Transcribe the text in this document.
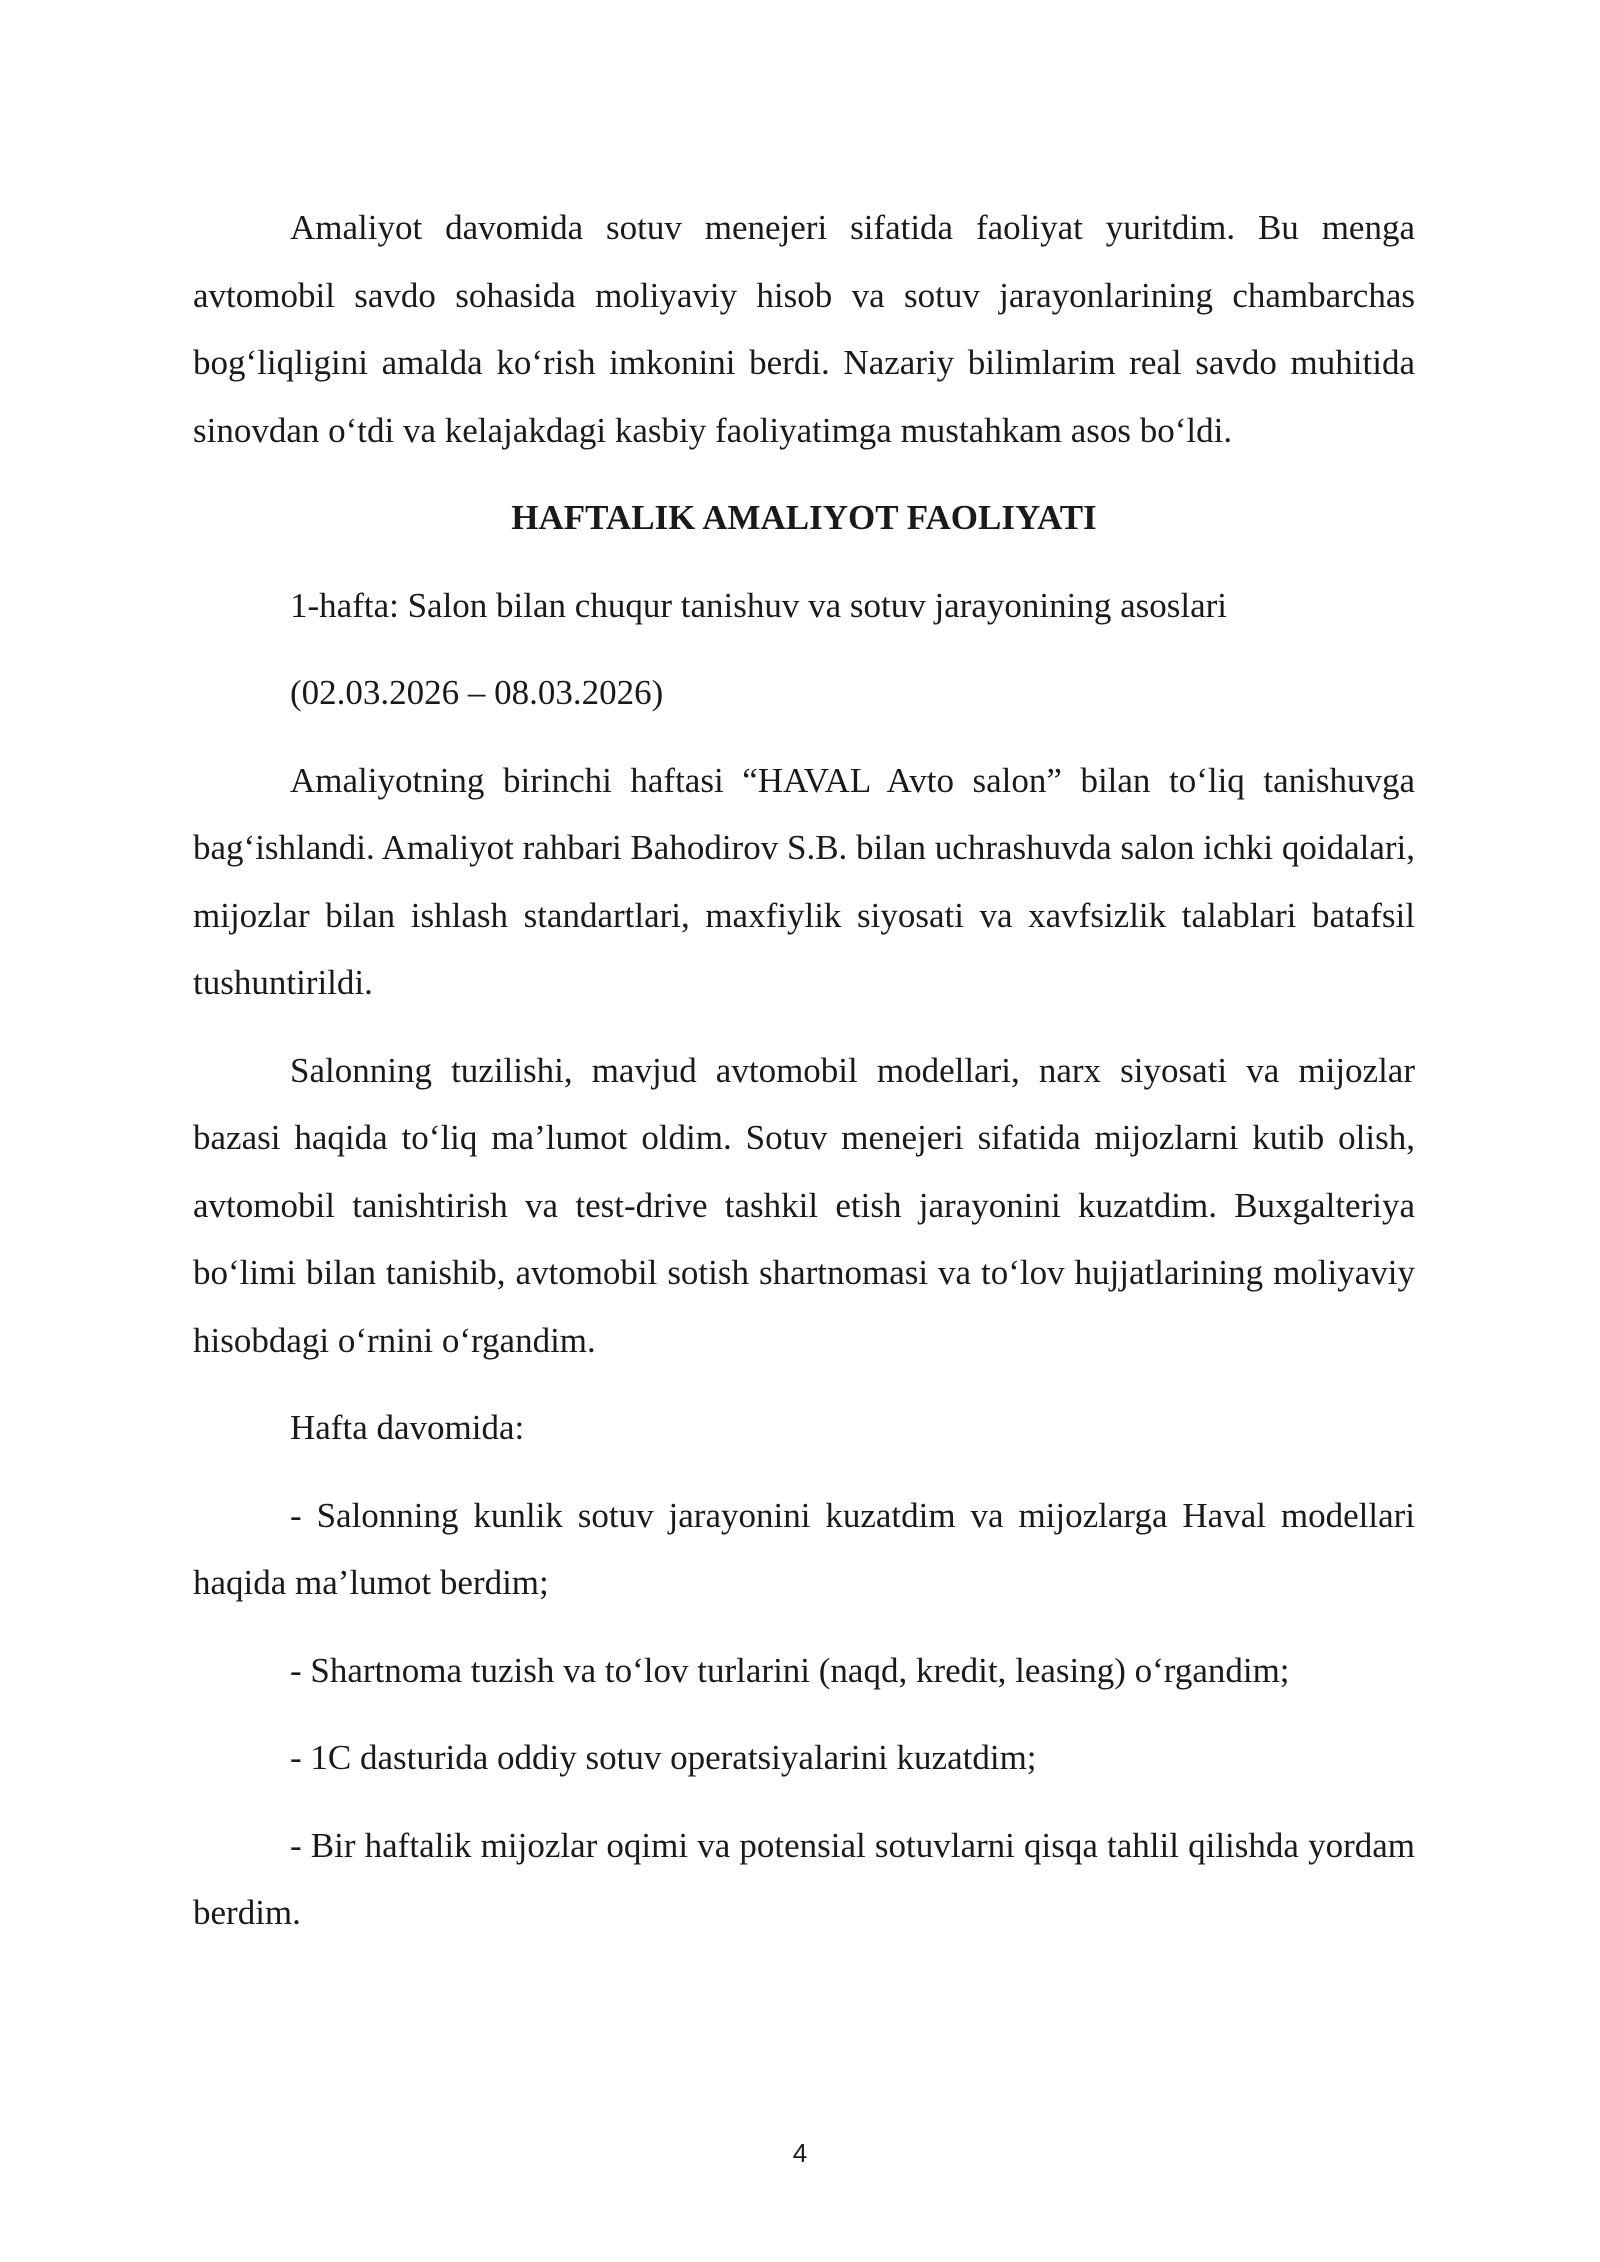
Amaliyot davomida sotuv menejeri sifatida faoliyat yuritdim. Bu menga avtomobil savdo sohasida moliyaviy hisob va sotuv jarayonlarining chambarchas bog‘liqligini amalda ko‘rish imkonini berdi. Nazariy bilimlarim real savdo muhitida sinovdan o‘tdi va kelajakdagi kasbiy faoliyatimga mustahkam asos bo‘ldi.

HAFTALIK AMALIYOT FAOLIYATI

1-hafta: Salon bilan chuqur tanishuv va sotuv jarayonining asoslari

(02.03.2026 – 08.03.2026)

Amaliyotning birinchi haftasi “HAVAL Avto salon” bilan to‘liq tanishuvga bag‘ishlandi. Amaliyot rahbari Bahodirov S.B. bilan uchrashuvda salon ichki qoidalari, mijozlar bilan ishlash standartlari, maxfiylik siyosati va xavfsizlik talablari batafsil tushuntirildi.

Salonning tuzilishi, mavjud avtomobil modellari, narx siyosati va mijozlar bazasi haqida to‘liq ma’lumot oldim. Sotuv menejeri sifatida mijozlarni kutib olish, avtomobil tanishtirish va test-drive tashkil etish jarayonini kuzatdim. Buxgalteriya bo‘limi bilan tanishib, avtomobil sotish shartnomasi va to‘lov hujjatlarining moliyaviy hisobdagi o‘rnini o‘rgandim.

Hafta davomida:

- Salonning kunlik sotuv jarayonini kuzatdim va mijozlarga Haval modellari haqida ma’lumot berdim;

- Shartnoma tuzish va to‘lov turlarini (naqd, kredit, leasing) o‘rgandim;

- 1C dasturida oddiy sotuv operatsiyalarini kuzatdim;

- Bir haftalik mijozlar oqimi va potensial sotuvlarni qisqa tahlil qilishda yordam berdim.

4
